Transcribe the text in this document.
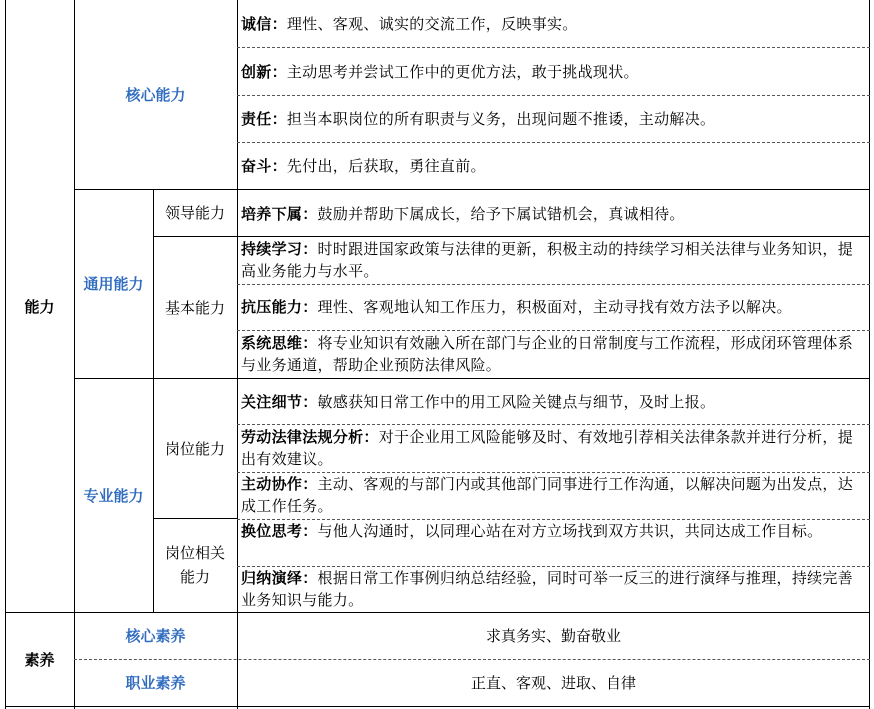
能力
素养
核心能力
通用能力
专业能力
核心素养
职业素养
领导能力
基本能力
岗位能力
岗位相关能力
诚信：理性、客观、诚实的交流工作，反映事实。
创新：主动思考并尝试工作中的更优方法，敢于挑战现状。
责任：担当本职岗位的所有职责与义务，出现问题不推诿，主动解决。
奋斗：先付出，后获取，勇往直前。
培养下属：鼓励并帮助下属成长，给予下属试错机会，真诚相待。
持续学习：时时跟进国家政策与法律的更新，积极主动的持续学习相关法律与业务知识，提高业务能力与水平。
抗压能力：理性、客观地认知工作压力，积极面对，主动寻找有效方法予以解决。
系统思维：将专业知识有效融入所在部门与企业的日常制度与工作流程，形成闭环管理体系与业务通道，帮助企业预防法律风险。
关注细节：敏感获知日常工作中的用工风险关键点与细节，及时上报。
劳动法律法规分析：对于企业用工风险能够及时、有效地引荐相关法律条款并进行分析，提出有效建议。
主动协作：主动、客观的与部门内或其他部门同事进行工作沟通，以解决问题为出发点，达成工作任务。
换位思考：与他人沟通时，以同理心站在对方立场找到双方共识，共同达成工作目标。
归纳演绎：根据日常工作事例归纳总结经验，同时可举一反三的进行演绎与推理，持续完善业务知识与能力。
求真务实、勤奋敬业
正直、客观、进取、自律
